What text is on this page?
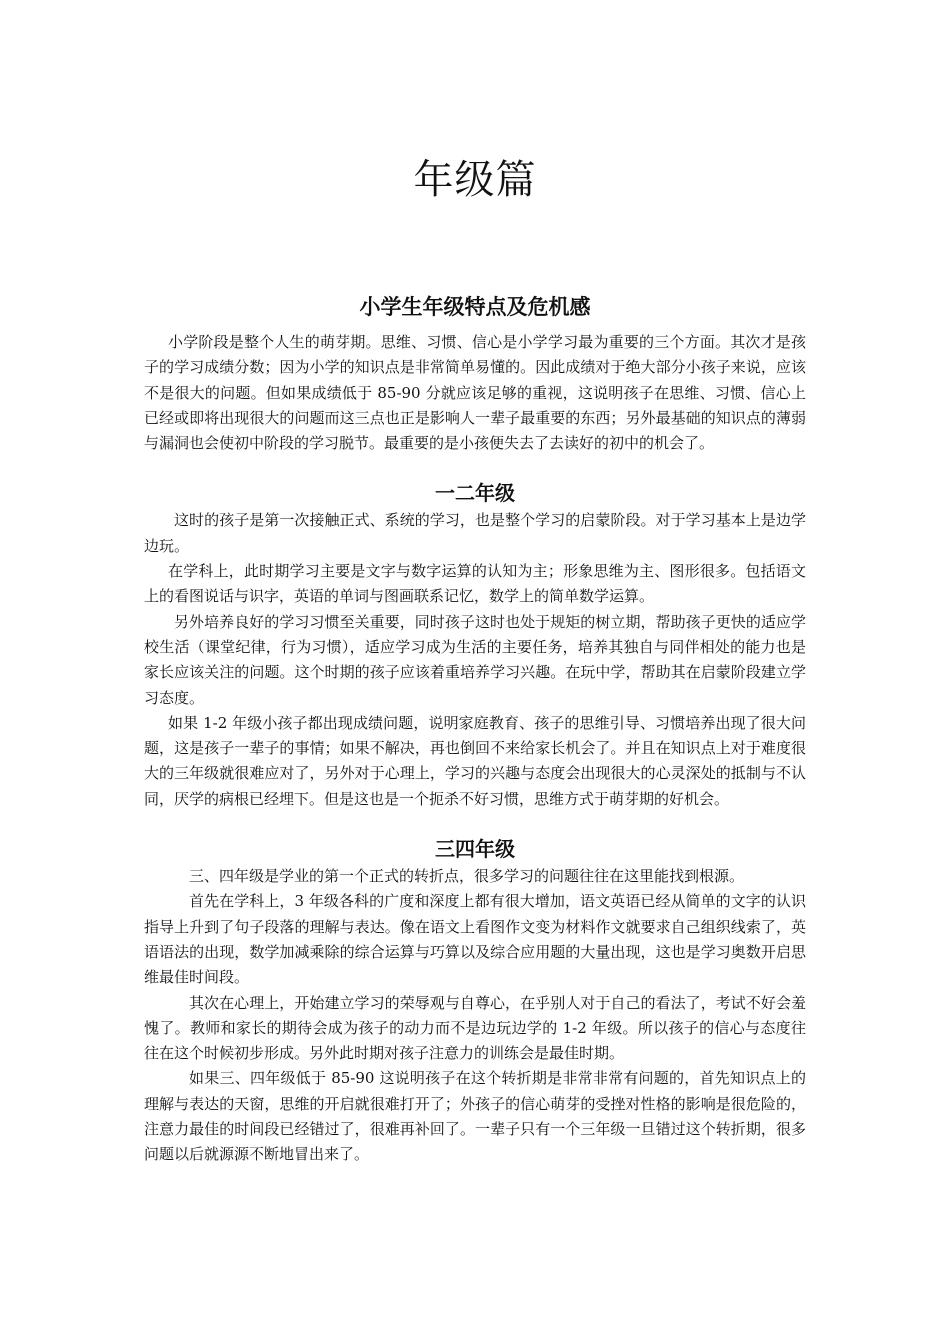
年级篇
小学生年级特点及危机感

小学阶段是整个人生的萌芽期。思维、习惯、信心是小学学习最为重要的三个方面。其次才是孩子的学习成绩分数；因为小学的知识点是非常简单易懂的。因此成绩对于绝大部分小孩子来说，应该不是很大的问题。但如果成绩低于 85-90 分就应该足够的重视，这说明孩子在思维、习惯、信心上已经或即将出现很大的问题而这三点也正是影响人一辈子最重要的东西；另外最基础的知识点的薄弱与漏洞也会使初中阶段的学习脱节。最重要的是小孩便失去了去读好的初中的机会了。

一二年级

这时的孩子是第一次接触正式、系统的学习，也是整个学习的启蒙阶段。对于学习基本上是边学边玩。

在学科上，此时期学习主要是文字与数字运算的认知为主；形象思维为主、图形很多。包括语文上的看图说话与识字，英语的单词与图画联系记忆，数学上的简单数学运算。

另外培养良好的学习习惯至关重要，同时孩子这时也处于规矩的树立期，帮助孩子更快的适应学校生活（课堂纪律，行为习惯），适应学习成为生活的主要任务，培养其独自与同伴相处的能力也是家长应该关注的问题。这个时期的孩子应该着重培养学习兴趣。在玩中学，帮助其在启蒙阶段建立学习态度。

如果 1-2 年级小孩子都出现成绩问题，说明家庭教育、孩子的思维引导、习惯培养出现了很大问题，这是孩子一辈子的事情；如果不解决，再也倒回不来给家长机会了。并且在知识点上对于难度很大的三年级就很难应对了，另外对于心理上，学习的兴趣与态度会出现很大的心灵深处的抵制与不认同，厌学的病根已经埋下。但是这也是一个扼杀不好习惯，思维方式于萌芽期的好机会。

三四年级

三、四年级是学业的第一个正式的转折点，很多学习的问题往往在这里能找到根源。

首先在学科上，3 年级各科的广度和深度上都有很大增加，语文英语已经从简单的文字的认识指导上升到了句子段落的理解与表达。像在语文上看图作文变为材料作文就要求自己组织线索了，英语语法的出现，数学加减乘除的综合运算与巧算以及综合应用题的大量出现，这也是学习奥数开启思维最佳时间段。

其次在心理上，开始建立学习的荣辱观与自尊心，在乎别人对于自己的看法了，考试不好会羞愧了。教师和家长的期待会成为孩子的动力而不是边玩边学的 1-2 年级。所以孩子的信心与态度往往在这个时候初步形成。另外此时期对孩子注意力的训练会是最佳时期。

如果三、四年级低于 85-90 这说明孩子在这个转折期是非常非常有问题的，首先知识点上的理解与表达的天窗，思维的开启就很难打开了；外孩子的信心萌芽的受挫对性格的影响是很危险的，注意力最佳的时间段已经错过了，很难再补回了。一辈子只有一个三年级一旦错过这个转折期，很多问题以后就源源不断地冒出来了。
